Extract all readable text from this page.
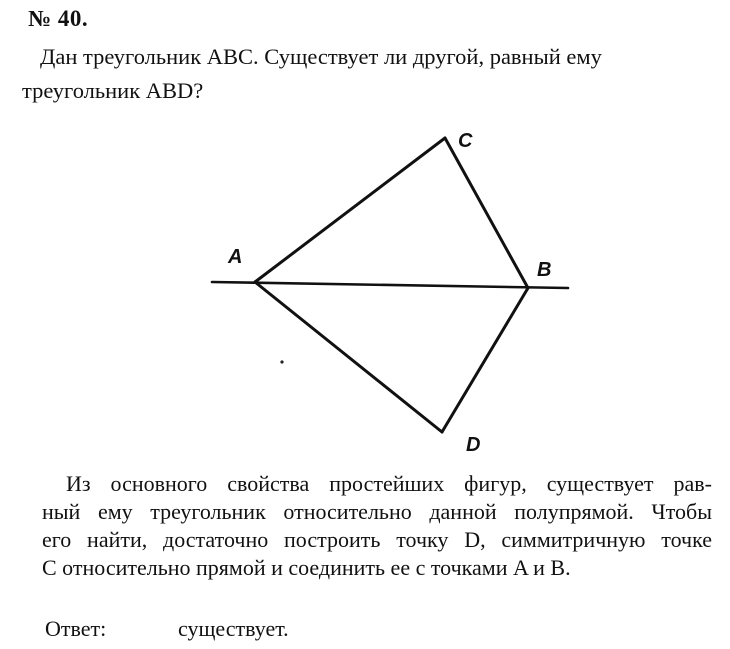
№ 40.
Дан треугольник ABC. Существует ли другой, равный ему
треугольник ABD?
A
B
C
D
Из основного свойства простейших фигур, существует рав-
ный ему треугольник относительно данной полупрямой. Чтобы
его найти, достаточно построить точку D, симмитричную точке
C относительно прямой и соединить ее с точками A и B.
Ответ:	существует.
